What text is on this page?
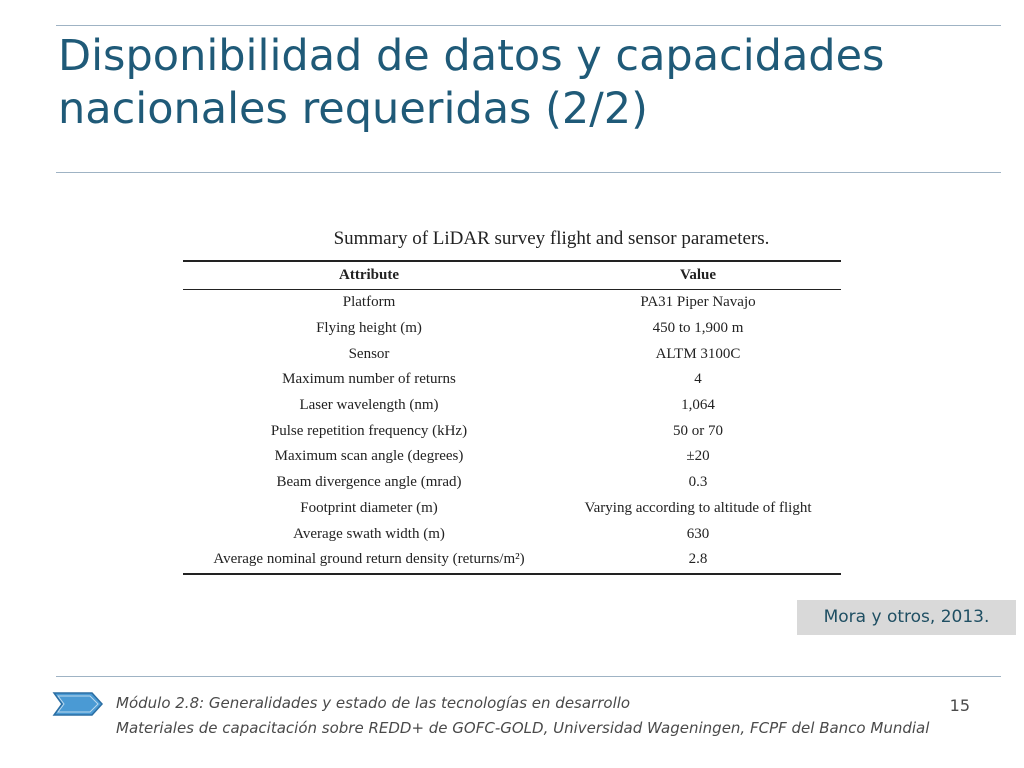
Disponibilidad de datos y capacidades nacionales requeridas (2/2)
Summary of LiDAR survey flight and sensor parameters.
Attribute	Value
Platform	PA31 Piper Navajo
Flying height (m)	450 to 1,900 m
Sensor	ALTM 3100C
Maximum number of returns	4
Laser wavelength (nm)	1,064
Pulse repetition frequency (kHz)	50 or 70
Maximum scan angle (degrees)	±20
Beam divergence angle (mrad)	0.3
Footprint diameter (m)	Varying according to altitude of flight
Average swath width (m)	630
Average nominal ground return density (returns/m²)	2.8
Mora y otros, 2013.
Módulo 2.8: Generalidades y estado de las tecnologías en desarrollo
Materiales de capacitación sobre REDD+ de GOFC-GOLD, Universidad Wageningen, FCPF del Banco Mundial
15
